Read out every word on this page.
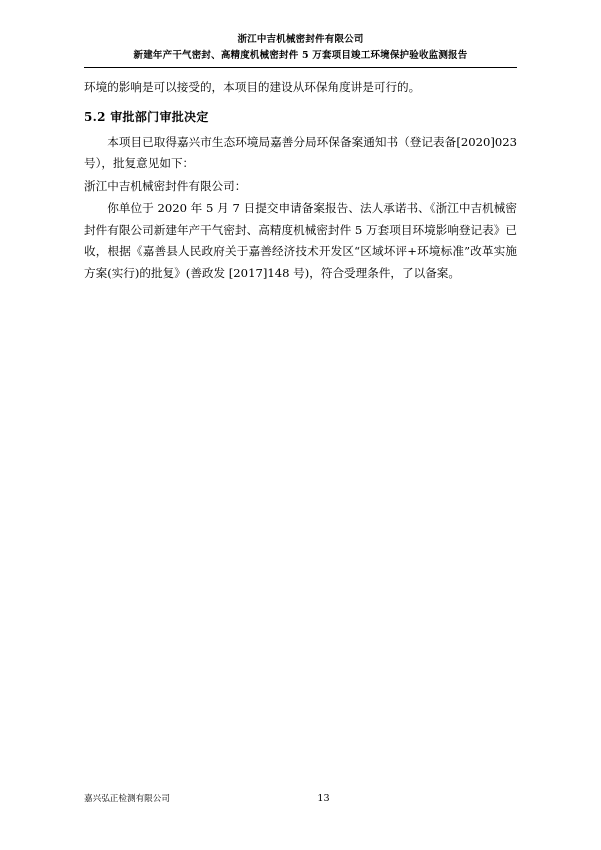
浙江中吉机械密封件有限公司
新建年产干气密封、高精度机械密封件 5 万套项目竣工环境保护验收监测报告

环境的影响是可以接受的，本项目的建设从环保角度讲是可行的。

5.2 审批部门审批决定

本项目已取得嘉兴市生态环境局嘉善分局环保备案通知书（登记表备[2020]023 号），批复意见如下：

浙江中吉机械密封件有限公司：

你单位于 2020 年 5 月 7 日提交申请备案报告、法人承诺书、《浙江中吉机械密封件有限公司新建年产干气密封、高精度机械密封件 5 万套项目环境影响登记表》已收，根据《嘉善县人民政府关于嘉善经济技术开发区“区域坏评+环境标准”改革实施方案(实行)的批复》(善政发 [2017]148 号)，符合受理条件，了以备案。

嘉兴弘正检测有限公司	13
